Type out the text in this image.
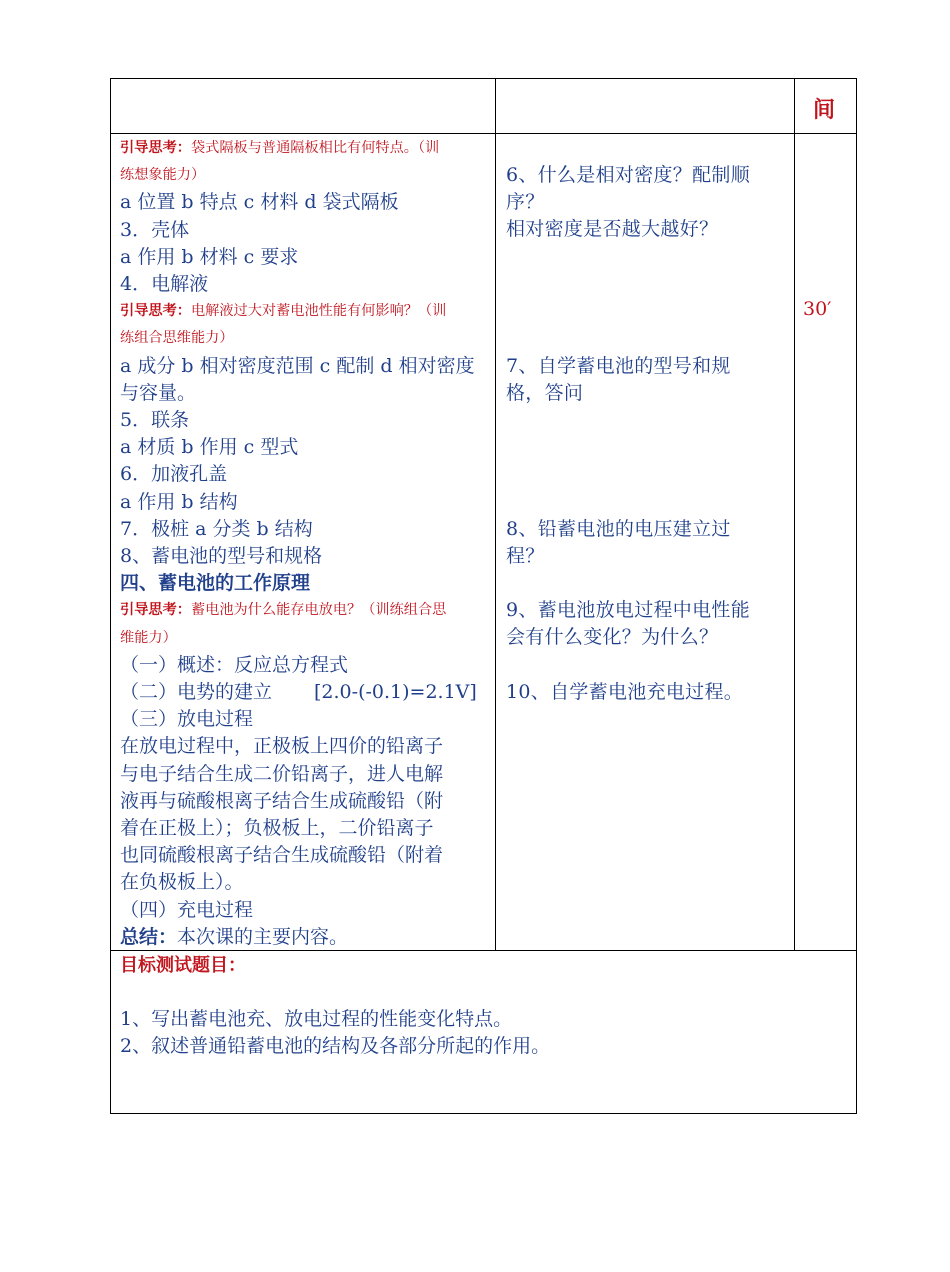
间
引导思考：袋式隔板与普通隔板相比有何特点。（训
练想象能力）
a 位置 b 特点 c 材料 d 袋式隔板
3．壳体
a 作用 b 材料 c 要求
4．电解液
引导思考：电解液过大对蓄电池性能有何影响？（训
练组合思维能力）
a 成分 b 相对密度范围 c 配制 d 相对密度
与容量。
5．联条
a 材质 b 作用 c 型式
6．加液孔盖
a 作用 b 结构
7．极桩 a 分类 b 结构
8、蓄电池的型号和规格
四、蓄电池的工作原理
引导思考：蓄电池为什么能存电放电？（训练组合思
维能力）
（一）概述：反应总方程式
（二）电势的建立 [2.0-(-0.1)=2.1V]
（三）放电过程
在放电过程中，正极板上四价的铅离子
与电子结合生成二价铅离子，进人电解
液再与硫酸根离子结合生成硫酸铅（附
着在正极上）；负极板上，二价铅离子
也同硫酸根离子结合生成硫酸铅（附着
在负极板上）。
（四）充电过程
总结：本次课的主要内容。
6、什么是相对密度？配制顺
序？
相对密度是否越大越好？
7、自学蓄电池的型号和规
格，答问
8、铅蓄电池的电压建立过
程？
9、蓄电池放电过程中电性能
会有什么变化？为什么？
10、自学蓄电池充电过程。
30′
目标测试题目：
1、写出蓄电池充、放电过程的性能变化特点。
2、叙述普通铅蓄电池的结构及各部分所起的作用。
